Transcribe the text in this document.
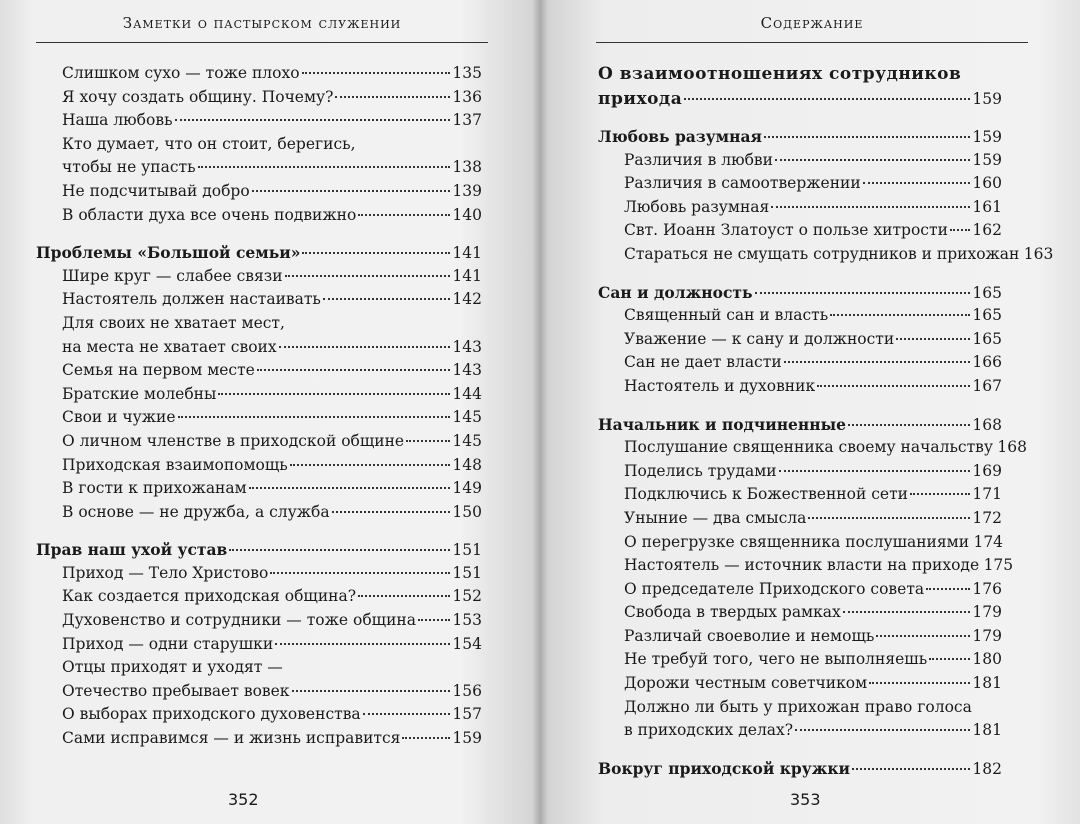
Заметки о пастырском служении
Слишком сухо — тоже плохо	135
Я хочу создать общину. Почему?	136
Наша любовь	137
Кто думает, что он стоит, берегись,
чтобы не упасть	138
Не подсчитывай добро	139
В области духа все очень подвижно	140
Проблемы «Большой семьи»	141
Шире круг — слабее связи	141
Настоятель должен настаивать	142
Для своих не хватает мест,
на места не хватает своих	143
Семья на первом месте	143
Братские молебны	144
Свои и чужие	145
О личном членстве в приходской общине	145
Приходская взаимопомощь	148
В гости к прихожанам	149
В основе — не дружба, а служба	150
Прав наш ухой устав	151
Приход — Тело Христово	151
Как создается приходская община?	152
Духовенство и сотрудники — тоже община 153
Приход — одни старушки	154
Отцы приходят и уходят —
Отечество пребывает вовек	156
О выборах приходского духовенства	157
Сами исправимся — и жизнь исправится	159
352
Содержание
О взаимоотношениях сотрудников
прихода	159
Любовь разумная	159
Различия в любви	159
Различия в самоотвержении	160
Любовь разумная	161
Свт. Иоанн Златоуст о пользе хитрости 162
Стараться не смущать сотрудников и прихожан 163
Сан и должность	165
Священный сан и власть	165
Уважение — к сану и должности	165
Сан не дает власти	166
Настоятель и духовник	167
Начальник и подчиненные	168
Послушание священника своему начальству 168
Поделись трудами	169
Подключись к Божественной сети	171
Уныние — два смысла	172
О перегрузке священника послушаниями 174
Настоятель — источник власти на приходе 175
О председателе Приходского совета	176
Свобода в твердых рамках	179
Различай своеволие и немощь	179
Не требуй того, чего не выполняешь	180
Дорожи честным советчиком	181
Должно ли быть у прихожан право голоса
в приходских делах?	181
Вокруг приходской кружки	182
353
